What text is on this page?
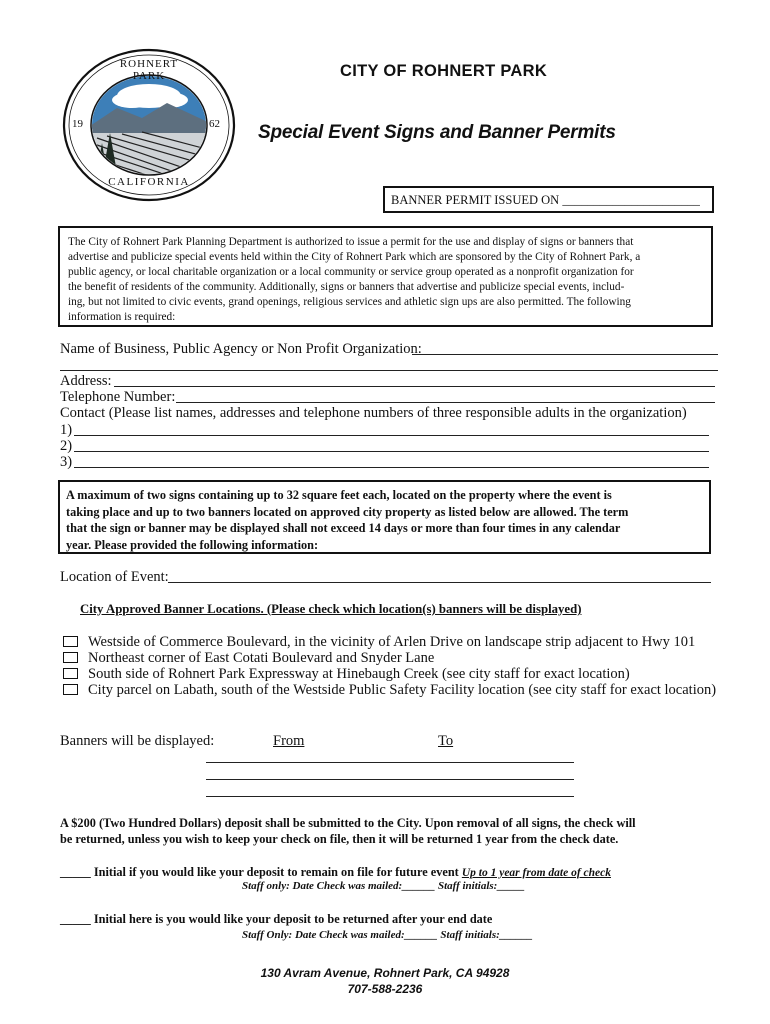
ROHNERT PARK
CALIFORNIA
19	62
CITY OF ROHNERT PARK
Special Event Signs and Banner Permits
BANNER PERMIT ISSUED ON ______________________
The City of Rohnert Park Planning Department is authorized to issue a permit for the use and display of signs or banners that
advertise and publicize special events held within the City of Rohnert Park which are sponsored by the City of Rohnert Park, a
public agency, or local charitable organization or a local community or service group operated as a nonprofit organization for
the benefit of residents of the community. Additionally, signs or banners that advertise and publicize special events, includ-
ing, but not limited to civic events, grand openings, religious services and athletic sign ups are also permitted. The following
information is required:
Name of Business, Public Agency or Non Profit Organization:
Address:
Telephone Number:
Contact (Please list names, addresses and telephone numbers of three responsible adults in the organization)
1)
2)
3)
A maximum of two signs containing up to 32 square feet each, located on the property where the event is
taking place and up to two banners located on approved city property as listed below are allowed. The term
that the sign or banner may be displayed shall not exceed 14 days or more than four times in any calendar
year. Please provided the following information:
Location of Event:
City Approved Banner Locations. (Please check which location(s) banners will be displayed)
Westside of Commerce Boulevard, in the vicinity of Arlen Drive on landscape strip adjacent to Hwy 101
Northeast corner of East Cotati Boulevard and Snyder Lane
South side of Rohnert Park Expressway at Hinebaugh Creek (see city staff for exact location)
City parcel on Labath, south of the Westside Public Safety Facility location (see city staff for exact location)
Banners will be displayed:	From	To
A $200 (Two Hundred Dollars) deposit shall be submitted to the City. Upon removal of all signs, the check will
be returned, unless you wish to keep your check on file, then it will be returned 1 year from the check date.
_____ Initial if you would like your deposit to remain on file for future event Up to 1 year from date of check
Staff only: Date Check was mailed:______ Staff initials:_____
_____ Initial here is you would like your deposit to be returned after your end date
Staff Only: Date Check was mailed:______ Staff initials:______
130 Avram Avenue, Rohnert Park, CA 94928
707-588-2236
